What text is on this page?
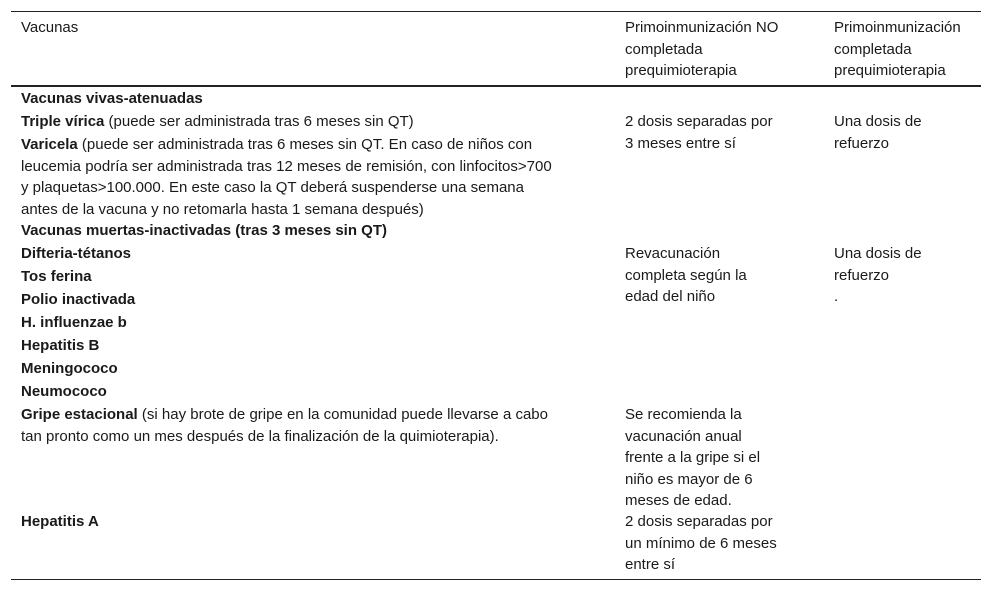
Vacunas	Primoinmunización NO
completada
prequimioterapia
Primoinmunización
completada
prequimioterapia
Vacunas vivas-atenuadas
Triple vírica (puede ser administrada tras 6 meses sin QT)
Varicela (puede ser administrada tras 6 meses sin QT. En caso de niños con
leucemia podría ser administrada tras 12 meses de remisión, con linfocitos>700
y plaquetas>100.000. En este caso la QT deberá suspenderse una semana
antes de la vacuna y no retomarla hasta 1 semana después)
2 dosis separadas por
3 meses entre sí
Una dosis de
refuerzo
Vacunas muertas-inactivadas (tras 3 meses sin QT)
Difteria-tétanos
Tos ferina
Polio inactivada
H. influenzae b
Hepatitis B
Meningococo
Neumococo
Revacunación
completa según la
edad del niño
Una dosis de
refuerzo
.
Gripe estacional (si hay brote de gripe en la comunidad puede llevarse a cabo
tan pronto como un mes después de la finalización de la quimioterapia).
Se recomienda la
vacunación anual
frente a la gripe si el
niño es mayor de 6
meses de edad.
Hepatitis A	2 dosis separadas por
un mínimo de 6 meses
entre sí
